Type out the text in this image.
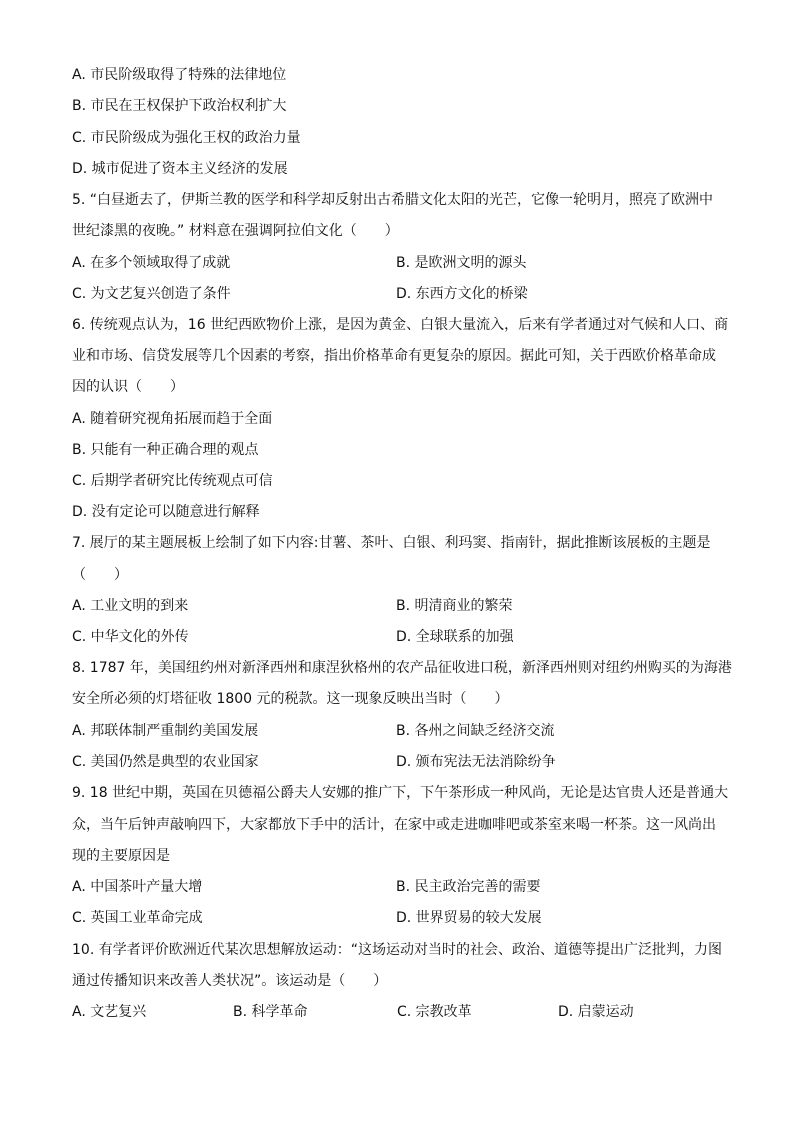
A. 市民阶级取得了特殊的法律地位
B. 市民在王权保护下政治权利扩大
C. 市民阶级成为强化王权的政治力量
D. 城市促进了资本主义经济的发展
5. “白昼逝去了，伊斯兰教的医学和科学却反射出古希腊文化太阳的光芒，它像一轮明月，照亮了欧洲中
世纪漆黑的夜晚。” 材料意在强调阿拉伯文化（　　）
A. 在多个领域取得了成就	B. 是欧洲文明的源头
C. 为文艺复兴创造了条件	D. 东西方文化的桥梁
6. 传统观点认为，16 世纪西欧物价上涨，是因为黄金、白银大量流入，后来有学者通过对气候和人口、商
业和市场、信贷发展等几个因素的考察，指出价格革命有更复杂的原因。据此可知，关于西欧价格革命成
因的认识（　　）
A. 随着研究视角拓展而趋于全面
B. 只能有一种正确合理的观点
C. 后期学者研究比传统观点可信
D. 没有定论可以随意进行解释
7. 展厅的某主题展板上绘制了如下内容:甘薯、茶叶、白银、利玛窦、指南针，据此推断该展板的主题是
（　　）
A. 工业文明的到来	B. 明清商业的繁荣
C. 中华文化的外传	D. 全球联系的加强
8. 1787 年，美国纽约州对新泽西州和康涅狄格州的农产品征收进口税，新泽西州则对纽约州购买的为海港
安全所必须的灯塔征收 1800 元的税款。这一现象反映出当时（　　）
A. 邦联体制严重制约美国发展	B. 各州之间缺乏经济交流
C. 美国仍然是典型的农业国家	D. 颁布宪法无法消除纷争
9. 18 世纪中期，英国在贝德福公爵夫人安娜的推广下，下午茶形成一种风尚，无论是达官贵人还是普通大
众，当午后钟声敲响四下，大家都放下手中的活计，在家中或走进咖啡吧或茶室来喝一杯茶。这一风尚出
现的主要原因是
A. 中国茶叶产量大增	B. 民主政治完善的需要
C. 英国工业革命完成	D. 世界贸易的较大发展
10. 有学者评价欧洲近代某次思想解放运动：“这场运动对当时的社会、政治、道德等提出广泛批判，力图
通过传播知识来改善人类状况”。该运动是（　　）
A. 文艺复兴	B. 科学革命	C. 宗教改革	D. 启蒙运动
